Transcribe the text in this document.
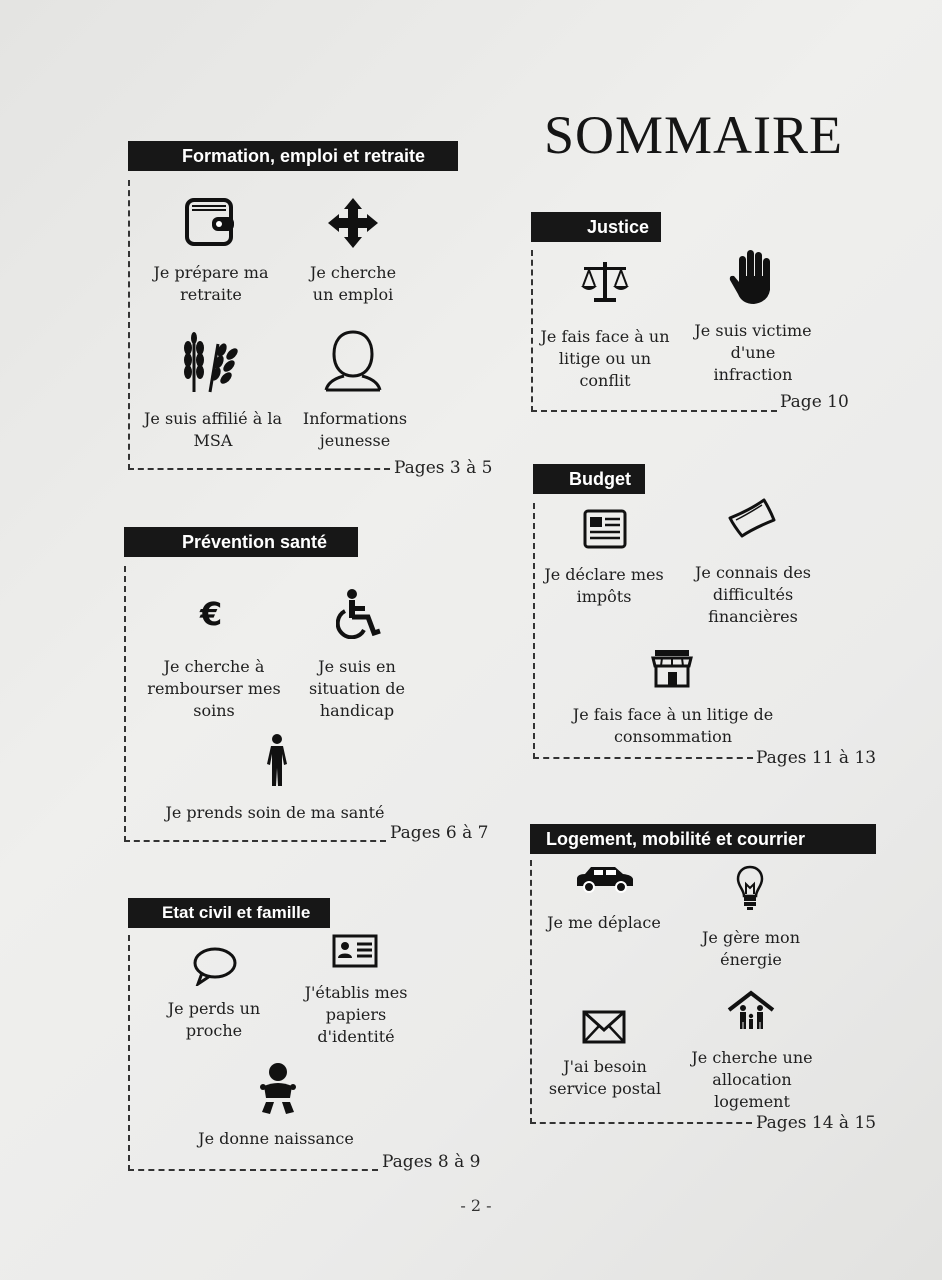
SOMMAIRE
Formation, emploi et retraite
Pages 3 à 5
Je prépare ma
retraite
Je cherche
un emploi
Je suis affilié à la
MSA
Informations
jeunesse
Prévention santé
Pages 6 à 7
€
Je cherche à
rembourser mes
soins
Je suis en
situation de
handicap
Je prends soin de ma santé
Etat civil et famille
Pages 8 à 9
Je perds un
proche
J'établis mes
papiers
d'identité
Je donne naissance
Justice
Page 10
Je fais face à un
litige ou un
conflit
Je suis victime
d'une
infraction
Budget
Pages 11 à 13
Je déclare mes
impôts
Je connais des
difficultés
financières
Je fais face à un litige de
consommation
Logement, mobilité et courrier
Pages 14 à 15
Je me déplace
Je gère mon
énergie
J'ai besoin
service postal
Je cherche une
allocation
logement
- 2 -
